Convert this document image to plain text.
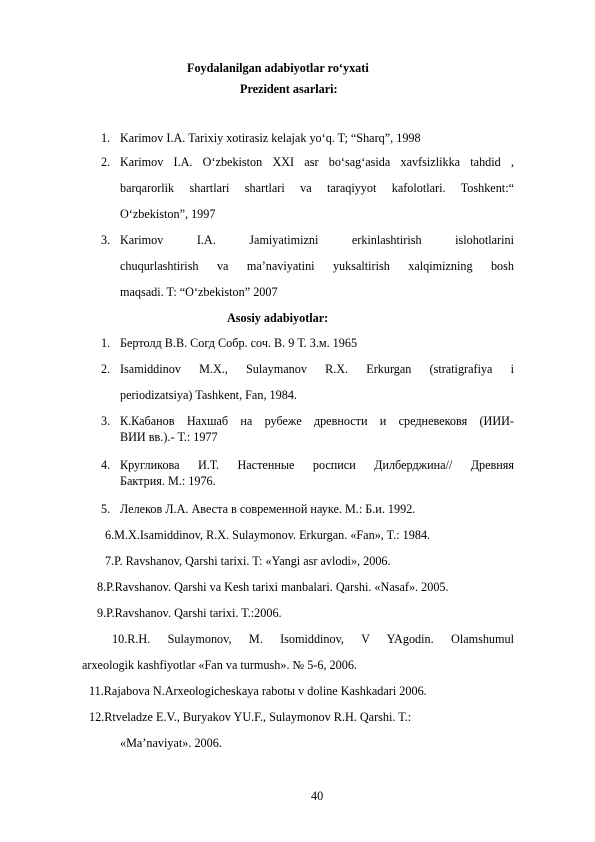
Foydalanilgan adabiyotlar ro‘yxati
Prezident asarlari:
1. Karimov I.A. Tarixiy xotirasiz kelajak yo‘q. T; “Sharq”, 1998
2. Karimov I.A. O‘zbekiston XXI asr bo‘sag‘asida xavfsizlikka tahdid ,
barqarorlik shartlari shartlari va taraqiyyot kafolotlari. Toshkent:“
O‘zbekiston”, 1997
3. Karimov I.A. Jamiyatimizni erkinlashtirish islohotlarini
chuqurlashtirish va ma’naviyatini yuksaltirish xalqimizning bosh
maqsadi. T: “O‘zbekiston” 2007
Asosiy adabiyotlar:
1. Бертолд В.В. Согд Собр. соч. В. 9 Т. 3.м. 1965
2. Isamiddinov M.X., Sulaymanov R.X. Erkurgan (stratigrafiya i
periodizatsiya) Tashkent, Fan, 1984.
3. К.Кабанов Нахшаб на рубеже древности и средневековя (ИИИ-
ВИИ вв.).- Т.: 1977
4. Кругликова И.Т. Настенные росписи Дилберджина// Древняя
Бактрия. М.: 1976.
5. Лелеков Л.А. Авеста в современной науке. М.: Б.и. 1992.
6.M.X.Isamiddinov, R.X. Sulaymonov. Erkurgan. «Fan», T.: 1984.
7.P. Ravshanov, Qarshi tarixi. T: «Yangi asr avlodi», 2006.
8.P.Ravshanov. Qarshi va Kesh tarixi manbalari. Qarshi. «Nasaf». 2005.
9.P.Ravshanov. Qarshi tarixi. T.:2006.
10.R.H. Sulaymonov, M. Isomiddinov, V YAgodin. Olamshumul
arxeologik kashfiyotlar «Fan va turmush». № 5-6, 2006.
11.Rajabova N.Arxeologicheskaya rabotы v doline Kashkadari 2006.
12.Rtveladze E.V., Buryakov YU.F., Sulaymonov R.H. Qarshi. T.:
«Ma’naviyat». 2006.
40
